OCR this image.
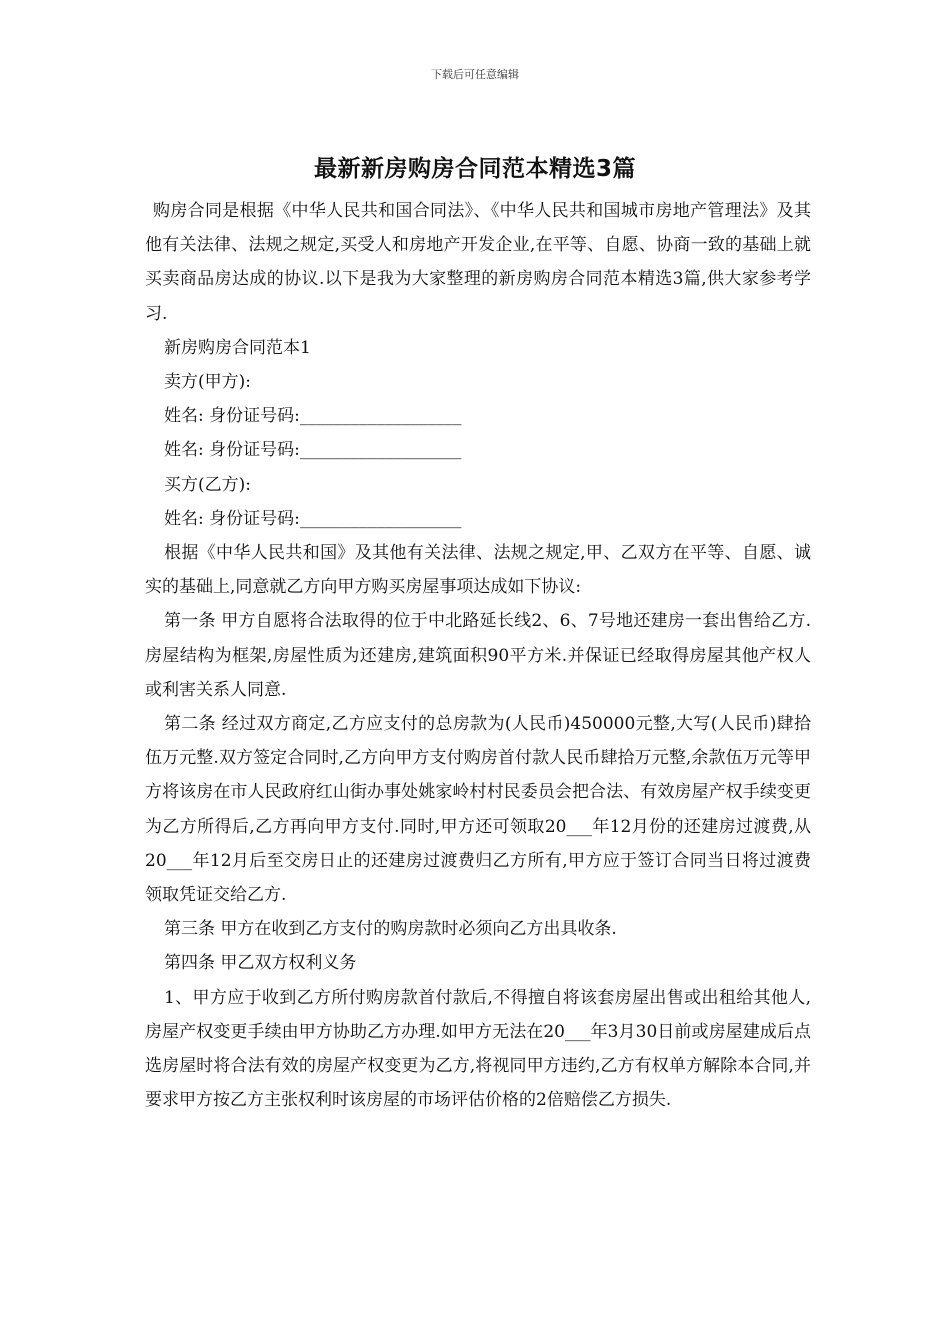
下载后可任意编辑
最新新房购房合同范本精选3篇

购房合同是根据《中华人民共和国合同法》、《中华人民共和国城市房地产管理法》及其他有关法律、法规之规定,买受人和房地产开发企业,在平等、自愿、协商一致的基础上就买卖商品房达成的协议.以下是我为大家整理的新房购房合同范本精选3篇,供大家参考学习.

新房购房合同范本1

卖方(甲方):

姓名: 身份证号码:___________________

姓名: 身份证号码:___________________

买方(乙方):

姓名: 身份证号码:___________________

根据《中华人民共和国》及其他有关法律、法规之规定,甲、乙双方在平等、自愿、诚实的基础上,同意就乙方向甲方购买房屋事项达成如下协议:

第一条 甲方自愿将合法取得的位于中北路延长线2、6、7号地还建房一套出售给乙方.房屋结构为框架,房屋性质为还建房,建筑面积90平方米.并保证已经取得房屋其他产权人或利害关系人同意.

第二条 经过双方商定,乙方应支付的总房款为(人民币)450000元整,大写(人民币)肆拾伍万元整.双方签定合同时,乙方向甲方支付购房首付款人民币肆拾万元整,余款伍万元等甲方将该房在市人民政府红山街办事处姚家岭村村民委员会把合法、有效房屋产权手续变更为乙方所得后,乙方再向甲方支付.同时,甲方还可领取20___年12月份的还建房过渡费,从20___年12月后至交房日止的还建房过渡费归乙方所有,甲方应于签订合同当日将过渡费领取凭证交给乙方.

第三条 甲方在收到乙方支付的购房款时必须向乙方出具收条.

第四条 甲乙双方权利义务

1、甲方应于收到乙方所付购房款首付款后,不得擅自将该套房屋出售或出租给其他人,房屋产权变更手续由甲方协助乙方办理.如甲方无法在20___年3月30日前或房屋建成后点选房屋时将合法有效的房屋产权变更为乙方,将视同甲方违约,乙方有权单方解除本合同,并要求甲方按乙方主张权利时该房屋的市场评估价格的2倍赔偿乙方损失.
